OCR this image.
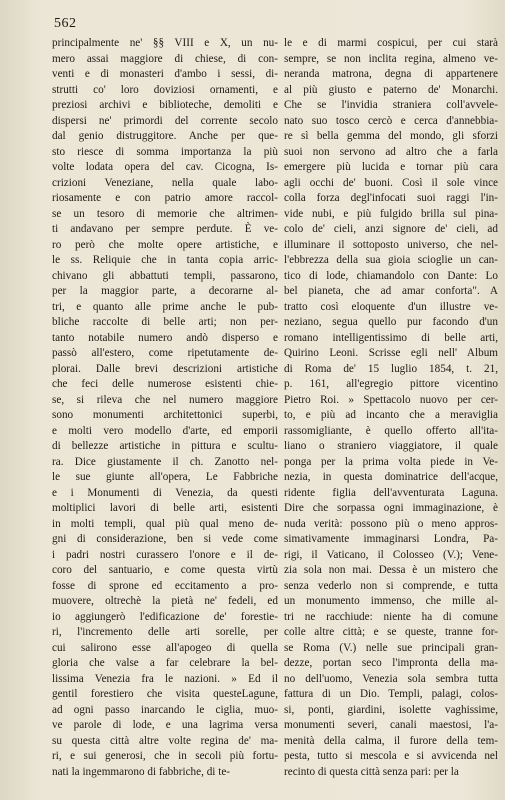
562
principalmente ne' §§ VIII e X, un nu-
mero assai maggiore di chiese, di con-
venti e di monasteri d'ambo i sessi, di-
strutti co' loro doviziosi ornamenti, e
preziosi archivi e biblioteche, demoliti e
dispersi ne' primordi del corrente secolo
dal genio distruggitore. Anche per que-
sto riesce di somma importanza la più
volte lodata opera del cav. Cicogna, Is-
crizioni Veneziane, nella quale labo-
riosamente e con patrio amore raccol-
se un tesoro di memorie che altrimen-
ti andavano per sempre perdute. È ve-
ro però che molte opere artistiche, e
le ss. Reliquie che in tanta copia arric-
chivano gli abbattuti templi, passarono,
per la maggior parte, a decorarne al-
tri, e quanto alle prime anche le pub-
bliche raccolte di belle arti; non per-
tanto notabile numero andò disperso e
passò all'estero, come ripetutamente de-
plorai. Dalle brevi descrizioni artistiche
che feci delle numerose esistenti chie-
se, si rileva che nel numero maggiore
sono monumenti architettonici superbi,
e molti vero modello d'arte, ed emporii
di bellezze artistiche in pittura e scultu-
ra. Dice giustamente il ch. Zanotto nel-
le sue giunte all'opera, Le Fabbriche
e i Monumenti di Venezia, da questi
moltiplici lavori di belle arti, esistenti
in molti templi, qual più qual meno de-
gni di considerazione, ben si vede come
i padri nostri curassero l'onore e il de-
coro del santuario, e come questa virtù
fosse di sprone ed eccitamento a pro-
muovere, oltrechè la pietà ne' fedeli, ed
io aggiungerò l'edificazione de' forestie-
ri, l'incremento delle arti sorelle, per
cui salirono esse all'apogeo di quella
gloria che valse a far celebrare la bel-
lissima Venezia fra le nazioni. » Ed il
gentil forestiero che visita questeLagune,
ad ogni passo inarcando le ciglia, muo-
ve parole di lode, e una lagrima versa
su questa città altre volte regina de' ma-
ri, e sui generosi, che in secoli più fortu-
nati la ingemmarono di fabbriche, di te-
le e di marmi cospicui, per cui starà
sempre, se non inclita regina, almeno ve-
neranda matrona, degna di appartenere
al più giusto e paterno de' Monarchi.
Che se l'invidia straniera coll'avvele-
nato suo tosco cercò e cerca d'annebbia-
re sì bella gemma del mondo, gli sforzi
suoi non servono ad altro che a farla
emergere più lucida e tornar più cara
agli occhi de' buoni. Così il sole vince
colla forza degl'infocati suoi raggi l'in-
vide nubi, e più fulgido brilla sul pina-
colo de' cieli, anzi signore de' cieli, ad
illuminare il sottoposto universo, che nel-
l'ebbrezza della sua gioia scioglie un can-
tico di lode, chiamandolo con Dante: Lo
bel pianeta, che ad amar conforta". A
tratto così eloquente d'un illustre ve-
neziano, segua quello pur facondo d'un
romano intelligentissimo di belle arti,
Quirino Leoni. Scrisse egli nell' Album
di Roma de' 15 luglio 1854, t. 21,
p. 161, all'egregio pittore vicentino
Pietro Roi. » Spettacolo nuovo per cer-
to, e più ad incanto che a meraviglia
rassomigliante, è quello offerto all'ita-
liano o straniero viaggiatore, il quale
ponga per la prima volta piede in Ve-
nezia, in questa dominatrice dell'acque,
ridente figlia dell'avventurata Laguna.
Dire che sorpassa ogni immaginazione, è
nuda verità: possono più o meno appros-
simativamente immaginarsi Londra, Pa-
rigi, il Vaticano, il Colosseo (V.); Vene-
zia sola non mai. Dessa è un mistero che
senza vederlo non si comprende, e tutta
un monumento immenso, che mille al-
tri ne racchiude: niente ha di comune
colle altre città; e se queste, tranne for-
se Roma (V.) nelle sue principali gran-
dezze, portan seco l'impronta della ma-
no dell'uomo, Venezia sola sembra tutta
fattura di un Dio. Templi, palagi, colos-
si, ponti, giardini, isolette vaghissime,
monumenti severi, canali maestosi, l'a-
menità della calma, il furore della tem-
pesta, tutto si mescola e si avvicenda nel
recinto di questa città senza pari: per la
